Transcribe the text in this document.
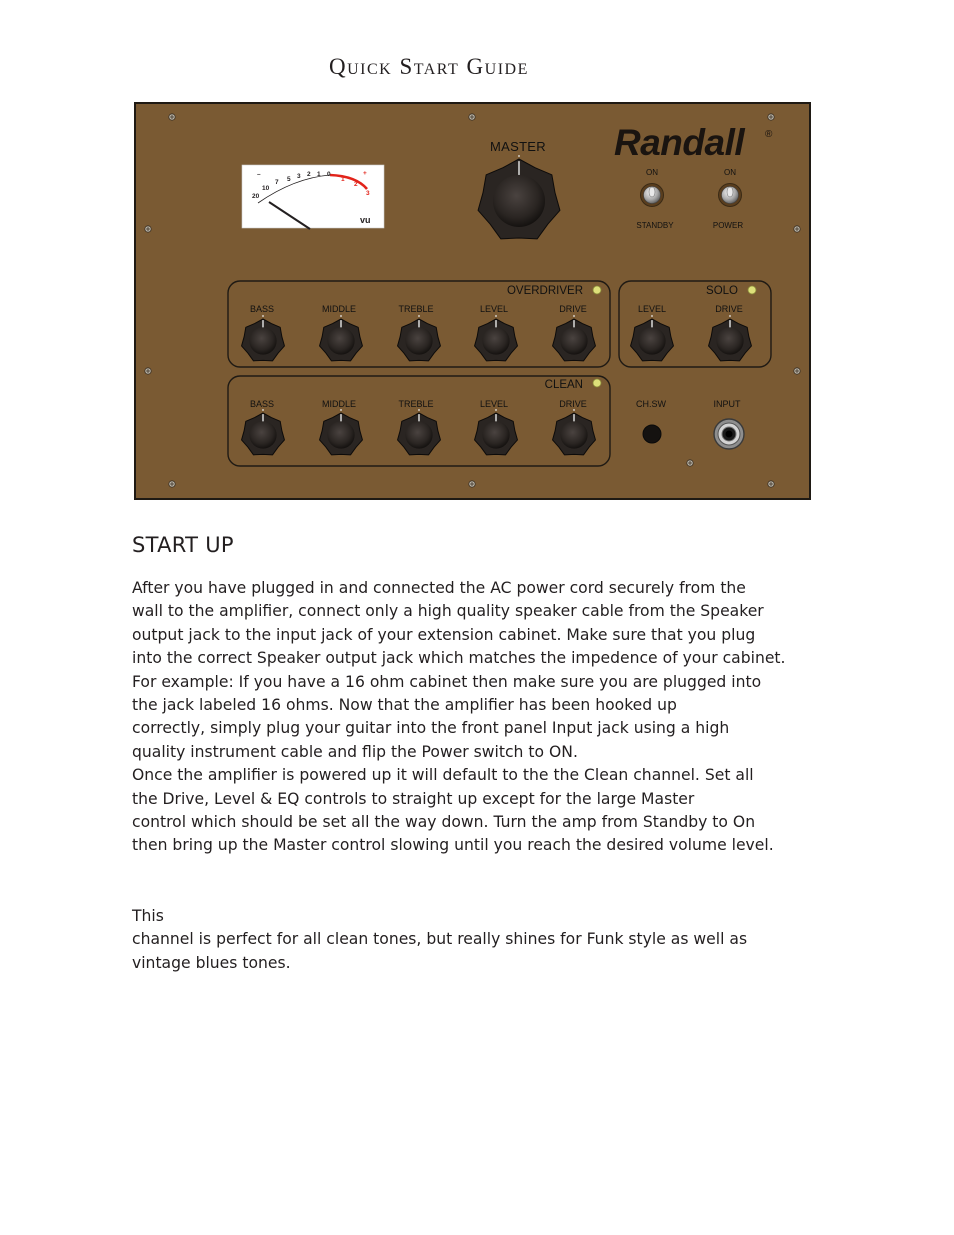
Quick Start Guide
–
20
10
7 5 3 2 1 0
1
2
3
+
vu
MASTER Randall ®
ON
STANDBY
ON
POWER
OVERDRIVER	SOLO
CLEAN
BASS	MIDDLE	TREBLE	LEVEL	DRIVE	LEVEL	DRIVE
BASS	MIDDLE	TREBLE	LEVEL	DRIVE	CH.SW	INPUT
START UP

After you have plugged in and connected the AC power cord securely from the
wall to the amplifier, connect only a high quality speaker cable from the Speaker
output jack to the input jack of your extension cabinet. Make sure that you plug
into the correct Speaker output jack which matches the impedence of your cabinet.
For example: If you have a 16 ohm cabinet then make sure you are plugged into
the jack labeled 16 ohms. Now that the amplifier has been hooked up
correctly, simply plug your guitar into the front panel Input jack using a high
quality instrument cable and flip the Power switch to ON.
Once the amplifier is powered up it will default to the the Clean channel. Set all
the Drive, Level & EQ controls to straight up except for the large Master
control which should be set all the way down. Turn the amp from Standby to On
then bring up the Master control slowing until you reach the desired volume level.

This
channel is perfect for all clean tones, but really shines for Funk style as well as
vintage blues tones.
